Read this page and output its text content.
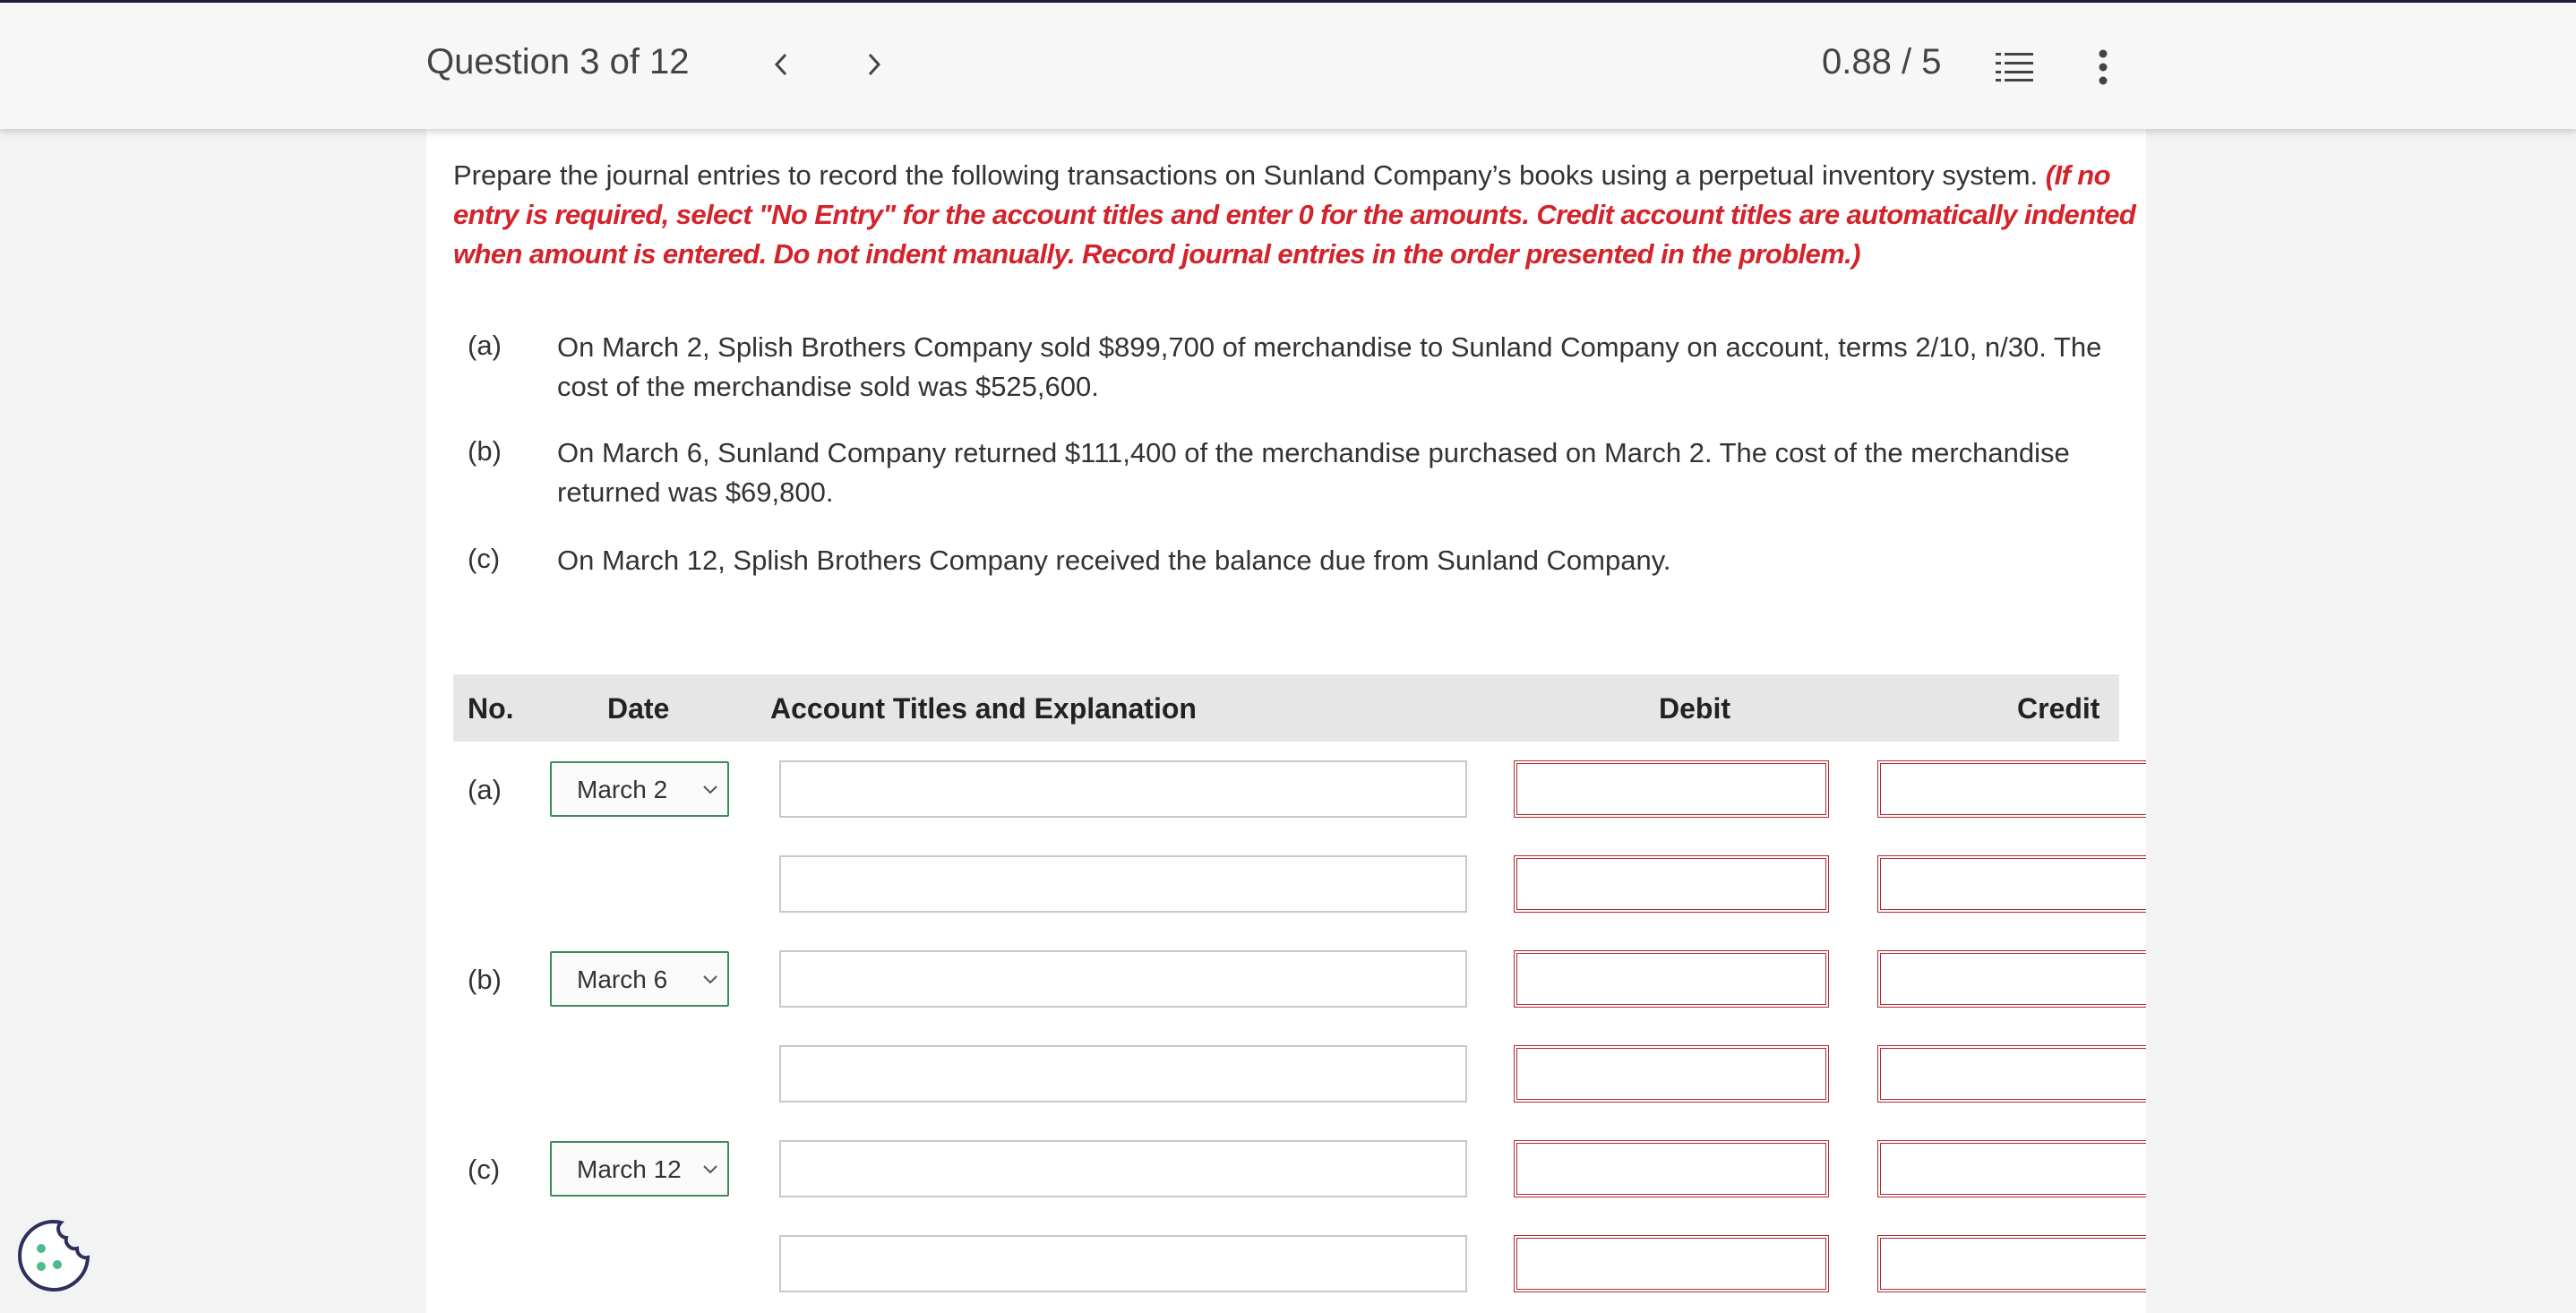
Question 3 of 12	0.88 / 5
Prepare the journal entries to record the following transactions on Sunland Company’s books using a perpetual inventory system. (If no entry is required, select "No Entry" for the account titles and enter 0 for the amounts. Credit account titles are automatically indented when amount is entered. Do not indent manually. Record journal entries in the order presented in the problem.)
(a) On March 2, Splish Brothers Company sold $899,700 of merchandise to Sunland Company on account, terms 2/10, n/30. The cost of the merchandise sold was $525,600.
(b) On March 6, Sunland Company returned $111,400 of the merchandise purchased on March 2. The cost of the merchandise returned was $69,800.
(c) On March 12, Splish Brothers Company received the balance due from Sunland Company.
No.	Date	Account Titles and Explanation	Debit	Credit
(a)	March 2
(b)	March 6
(c)	March 12
